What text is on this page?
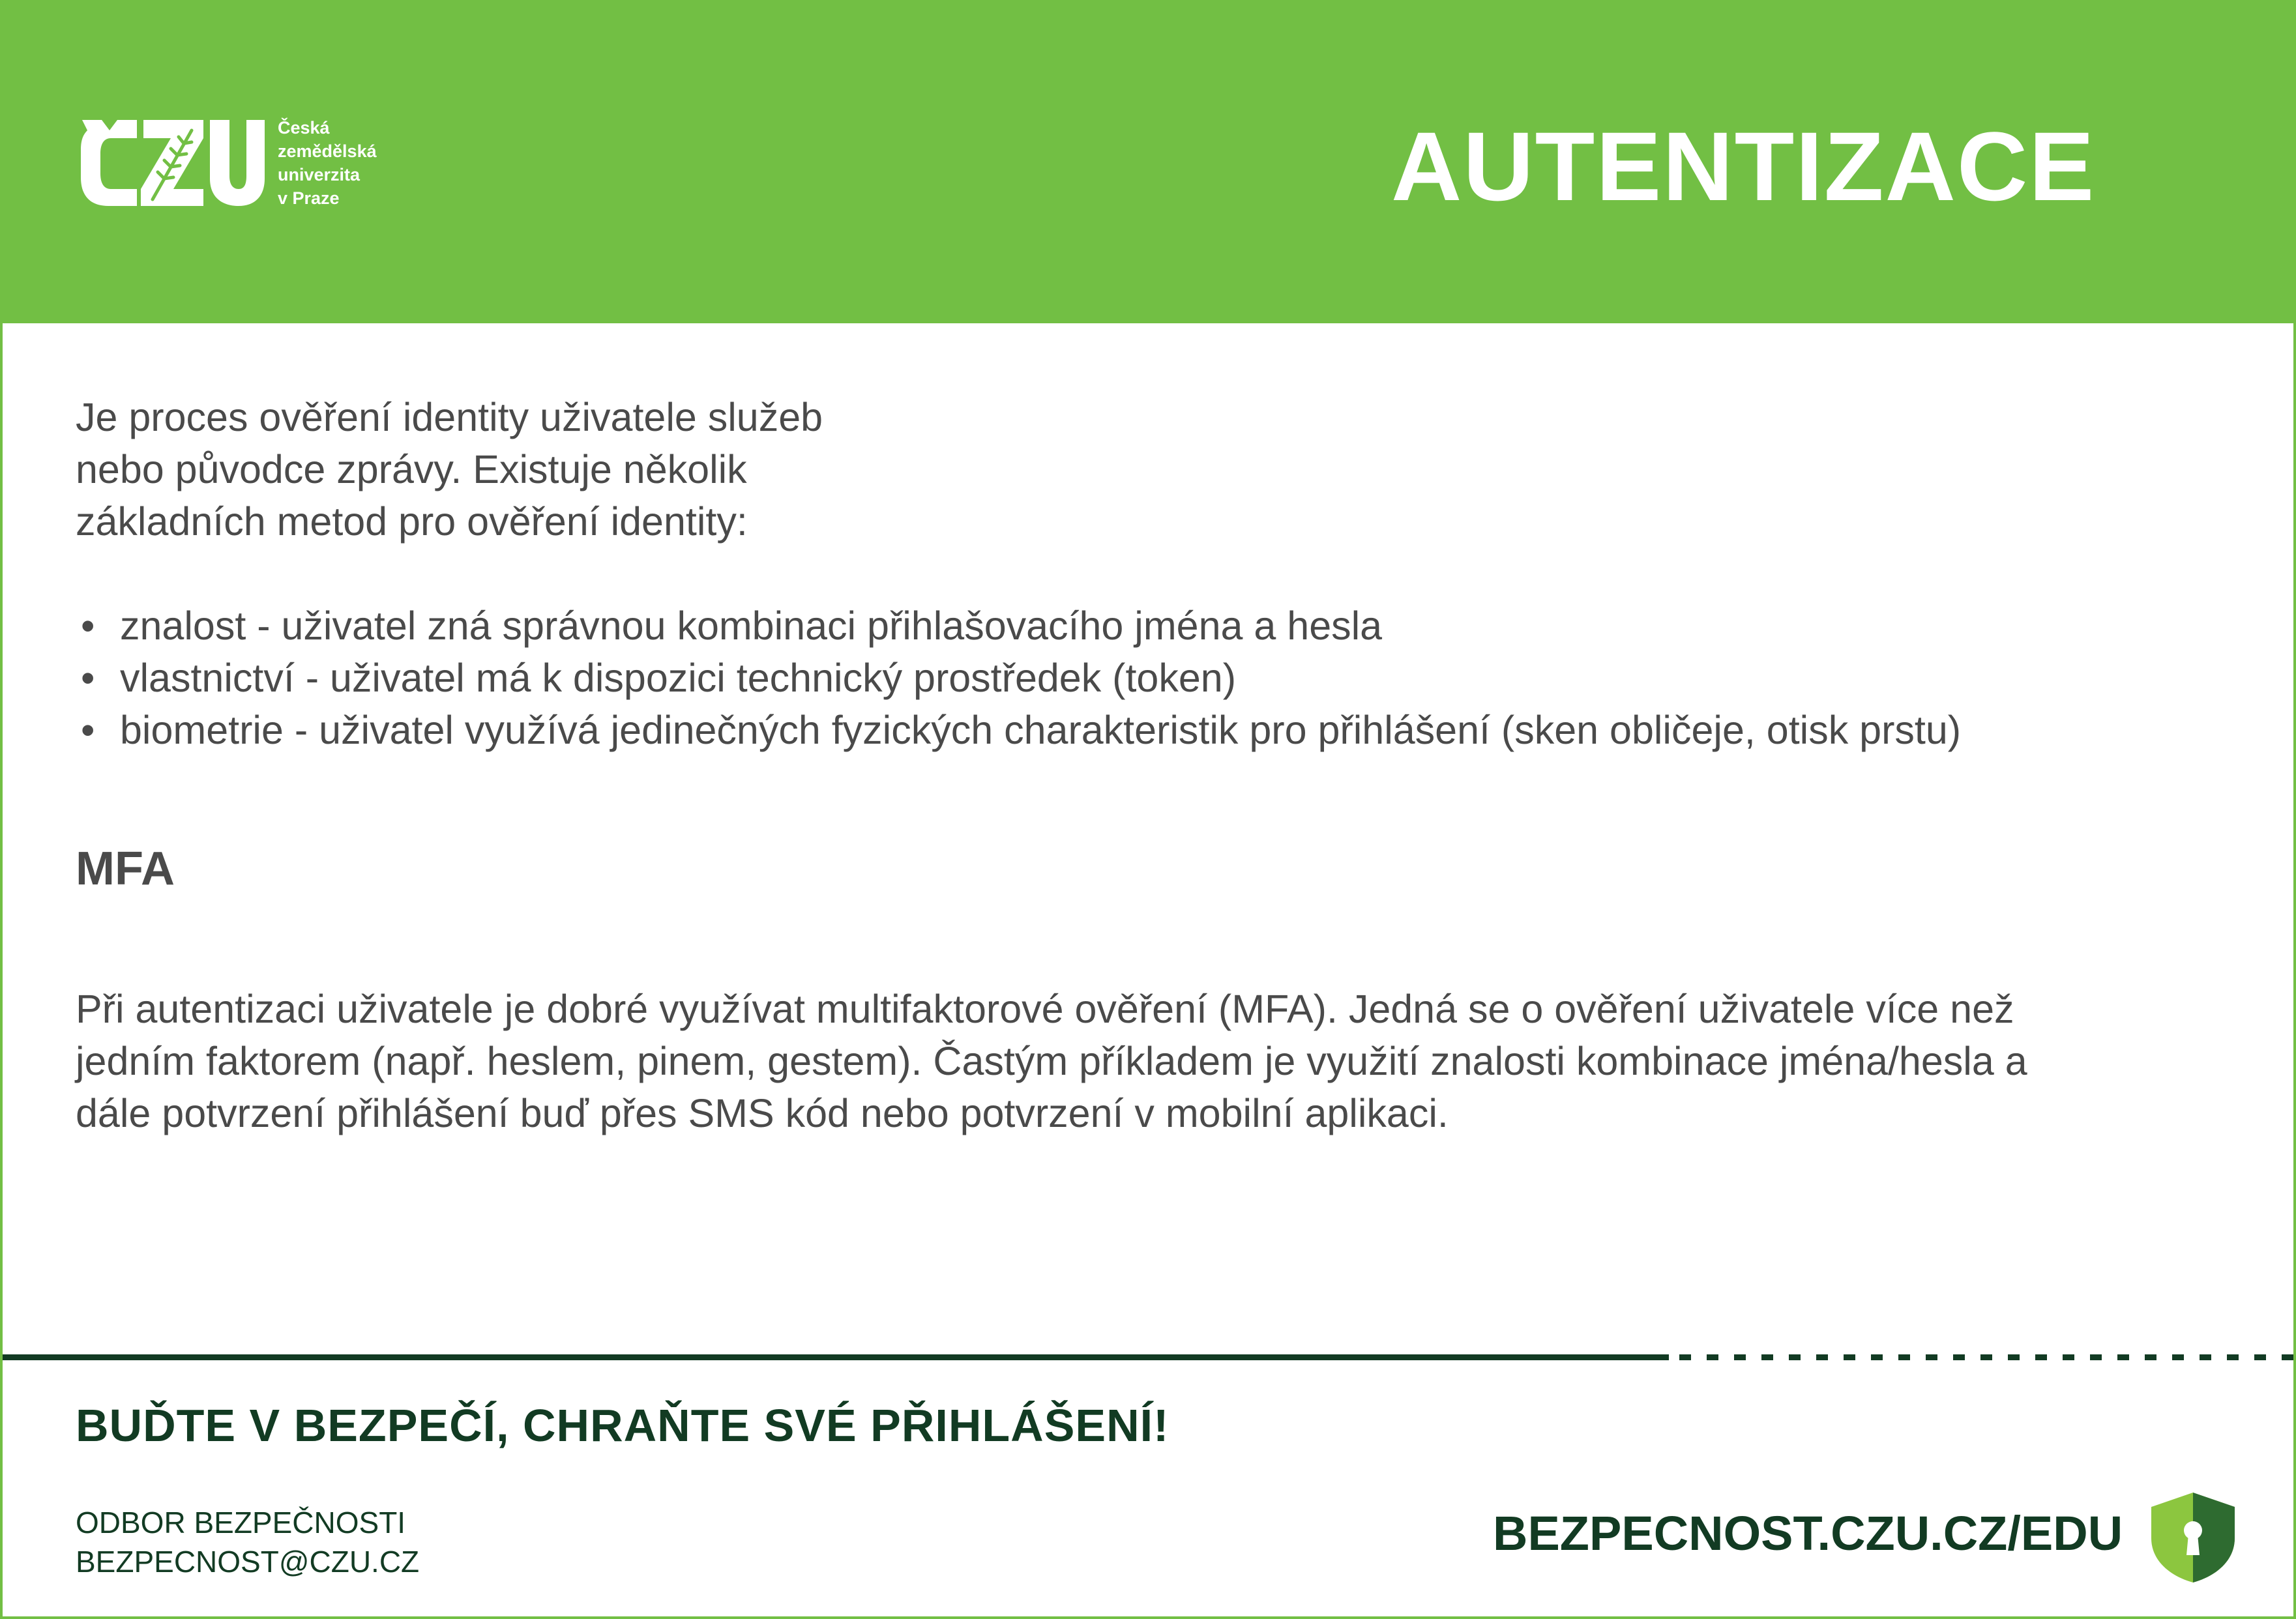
Česká
zemědělská
univerzita
v Praze	AUTENTIZACE
Je proces ověření identity uživatele služeb
nebo původce zprávy. Existuje několik
základních metod pro ověření identity:
• znalost - uživatel zná správnou kombinaci přihlašovacího jména a hesla
• vlastnictví - uživatel má k dispozici technický prostředek (token)
• biometrie - uživatel využívá jedinečných fyzických charakteristik pro přihlášení (sken obličeje, otisk prstu)
MFA
Při autentizaci uživatele je dobré využívat multifaktorové ověření (MFA). Jedná se o ověření uživatele více než
jedním faktorem (např. heslem, pinem, gestem). Častým příkladem je využití znalosti kombinace jména/hesla a
dále potvrzení přihlášení buď přes SMS kód nebo potvrzení v mobilní aplikaci.
BUĎTE V BEZPEČÍ, CHRAŇTE SVÉ PŘIHLÁŠENÍ!
ODBOR BEZPEČNOSTI
BEZPECNOST@CZU.CZ
BEZPECNOST.CZU.CZ/EDU
